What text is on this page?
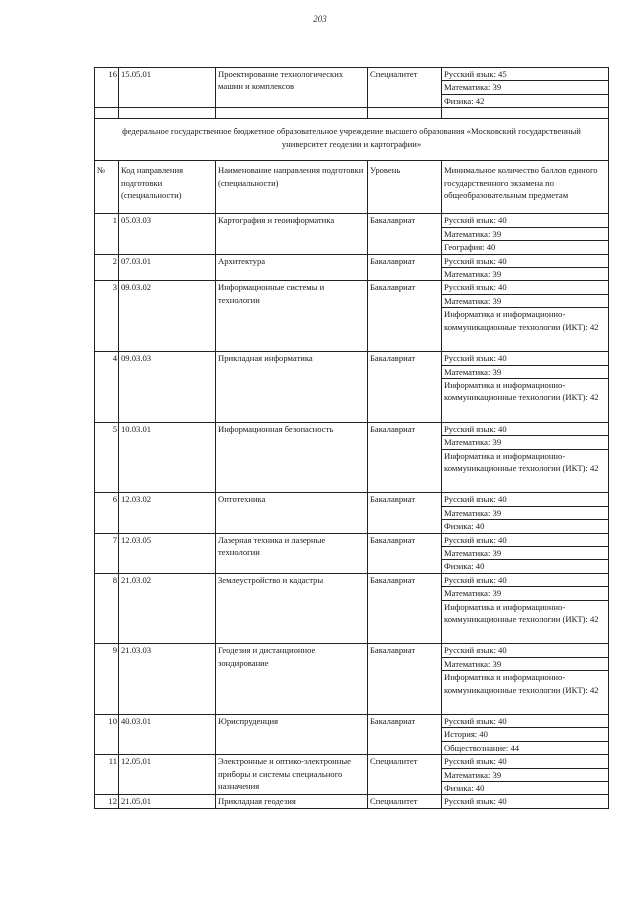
203
16	15.05.01	Проектирование технологических машин и комплексов	Специалитет	Русский язык: 45
				Математика: 39
				Физика: 42

федеральное государственное бюджетное образовательное учреждение высшего образования «Московский государственный университет геодезии и картографии»				
№	Код направления подготовки (специальности)	Наименование направления подготовки (специальности)	Уровень	Минимальное количество баллов единого государственного экзамена по общеобразовательным предметам

1	05.03.03	Картография и геоинформатика	Бакалавриат	Русский язык: 40
				Математика: 39
				География: 40
2	07.03.01	Архитектура	Бакалавриат	Русский язык: 40
				Математика: 39
3	09.03.02	Информационные системы и технологии	Бакалавриат	Русский язык: 40
				Математика: 39
				Информатика и информационно-коммуникационные технологии (ИКТ): 42

4	09.03.03	Прикладная информатика	Бакалавриат	Русский язык: 40
				Математика: 39
				Информатика и информационно-коммуникационные технологии (ИКТ): 42

5	10.03.01	Информационная безопасность	Бакалавриат	Русский язык: 40
				Математика: 39
				Информатика и информационно-коммуникационные технологии (ИКТ): 42

6	12.03.02	Оптотехника	Бакалавриат	Русский язык: 40
				Математика: 39
				Физика: 40
7	12.03.05	Лазерная техника и лазерные технологии	Бакалавриат	Русский язык: 40
				Математика: 39
				Физика: 40
8	21.03.02	Землеустройство и кадастры	Бакалавриат	Русский язык: 40
				Математика: 39
				Информатика и информационно-коммуникационные технологии (ИКТ): 42

9	21.03.03	Геодезия и дистанционное зондирование	Бакалавриат	Русский язык: 40
				Математика: 39
				Информатика и информационно-коммуникационные технологии (ИКТ): 42

10	40.03.01	Юриспруденция	Бакалавриат	Русский язык: 40
				История: 40
				Обществознание: 44
11	12.05.01	Электронные и оптико-электронные приборы и системы специального назначения	Специалитет	Русский язык: 40
				Математика: 39
				Физика: 40
12	21.05.01	Прикладная геодезия	Специалитет	Русский язык: 40
